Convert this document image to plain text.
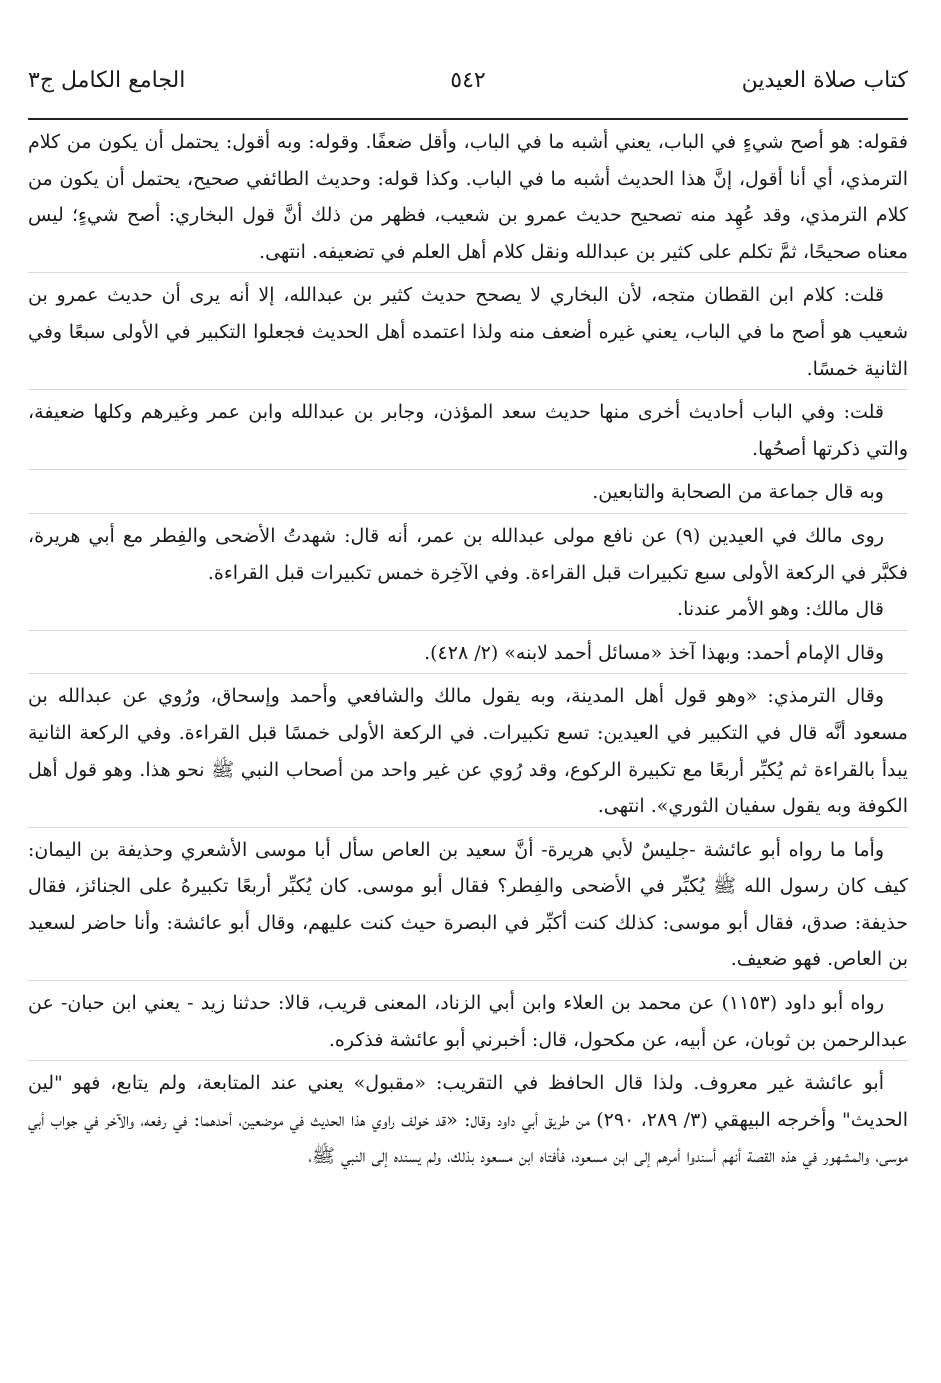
كتاب صلاة العيدين
٥٤٢
الجامع الكامل ج٣

فقوله: هو أصح شيءٍ في الباب، يعني أشبه ما في الباب، وأقل ضعفًا. وقوله: وبه أقول: يحتمل أن يكون من كلام الترمذي، أي أنا أقول، إنَّ هذا الحديث أشبه ما في الباب. وكذا قوله: وحديث الطائفي صحيح، يحتمل أن يكون من كلام الترمذي، وقد عُهِد منه تصحيح حديث عمرو بن شعيب، فظهر من ذلك أنَّ قول البخاري: أصح شيءٍ؛ ليس معناه صحيحًا، ثمَّ تكلم على كثير بن عبدالله ونقل كلام أهل العلم في تضعيفه. انتهى.

قلت: كلام ابن القطان متجه، لأن البخاري لا يصحح حديث كثير بن عبدالله، إلا أنه يرى أن حديث عمرو بن شعيب هو أصح ما في الباب، يعني غيره أضعف منه ولذا اعتمده أهل الحديث فجعلوا التكبير في الأولى سبعًا وفي الثانية خمسًا.

قلت: وفي الباب أحاديث أخرى منها حديث سعد المؤذن، وجابر بن عبدالله وابن عمر وغيرهم وكلها ضعيفة، والتي ذكرتها أصحُها.

وبه قال جماعة من الصحابة والتابعين.

روى مالك في العيدين (٩) عن نافع مولى عبدالله بن عمر، أنه قال: شهدتُ الأضحى والفِطر مع أبي هريرة، فكبَّر في الركعة الأولى سبع تكبيرات قبل القراءة. وفي الآخِرة خمس تكبيرات قبل القراءة.

قال مالك: وهو الأمر عندنا.

وقال الإمام أحمد: وبهذا آخذ «مسائل أحمد لابنه» (٢/ ٤٢٨).

وقال الترمذي: «وهو قول أهل المدينة، وبه يقول مالك والشافعي وأحمد وإسحاق، ورُوي عن عبدالله بن مسعود أنَّه قال في التكبير في العيدين: تسع تكبيرات. في الركعة الأولى خمسًا قبل القراءة. وفي الركعة الثانية يبدأ بالقراءة ثم يُكبِّر أربعًا مع تكبيرة الركوع، وقد رُوي عن غير واحد من أصحاب النبي ﷺ نحو هذا. وهو قول أهل الكوفة وبه يقول سفيان الثوري». انتهى.

وأما ما رواه أبو عائشة -جليسٌ لأبي هريرة- أنَّ سعيد بن العاص سأل أبا موسى الأشعري وحذيفة بن اليمان: كيف كان رسول الله ﷺ يُكبِّر في الأضحى والفِطر؟ فقال أبو موسى. كان يُكبِّر أربعًا تكبيرهُ على الجنائز، فقال حذيفة: صدق، فقال أبو موسى: كذلك كنت أكبِّر في البصرة حيث كنت عليهم، وقال أبو عائشة: وأنا حاضر لسعيد بن العاص. فهو ضعيف.

رواه أبو داود (١١٥٣) عن محمد بن العلاء وابن أبي الزناد، المعنى قريب، قالا: حدثنا زيد - يعني ابن حبان- عن عبدالرحمن بن ثوبان، عن أبيه، عن مكحول، قال: أخبرني أبو عائشة فذكره.

أبو عائشة غير معروف. ولذا قال الحافظ في التقريب: «مقبول» يعني عند المتابعة، ولم يتابع، فهو "لين الحديث" وأخرجه البيهقي (٣/ ٢٨٩، ٢٩٠) من طريق أبي داود وقال: «قد خولف راوي هذا الحديث في موضعين، أحدهما: في رفعه، والآخر في جواب أبي موسى، والمشهور في هذه القصة أنهم أسندوا أمرهم إلى ابن مسعود، فأفتاه ابن مسعود بذلك، ولم يسنده إلى النبي ﷺ،
